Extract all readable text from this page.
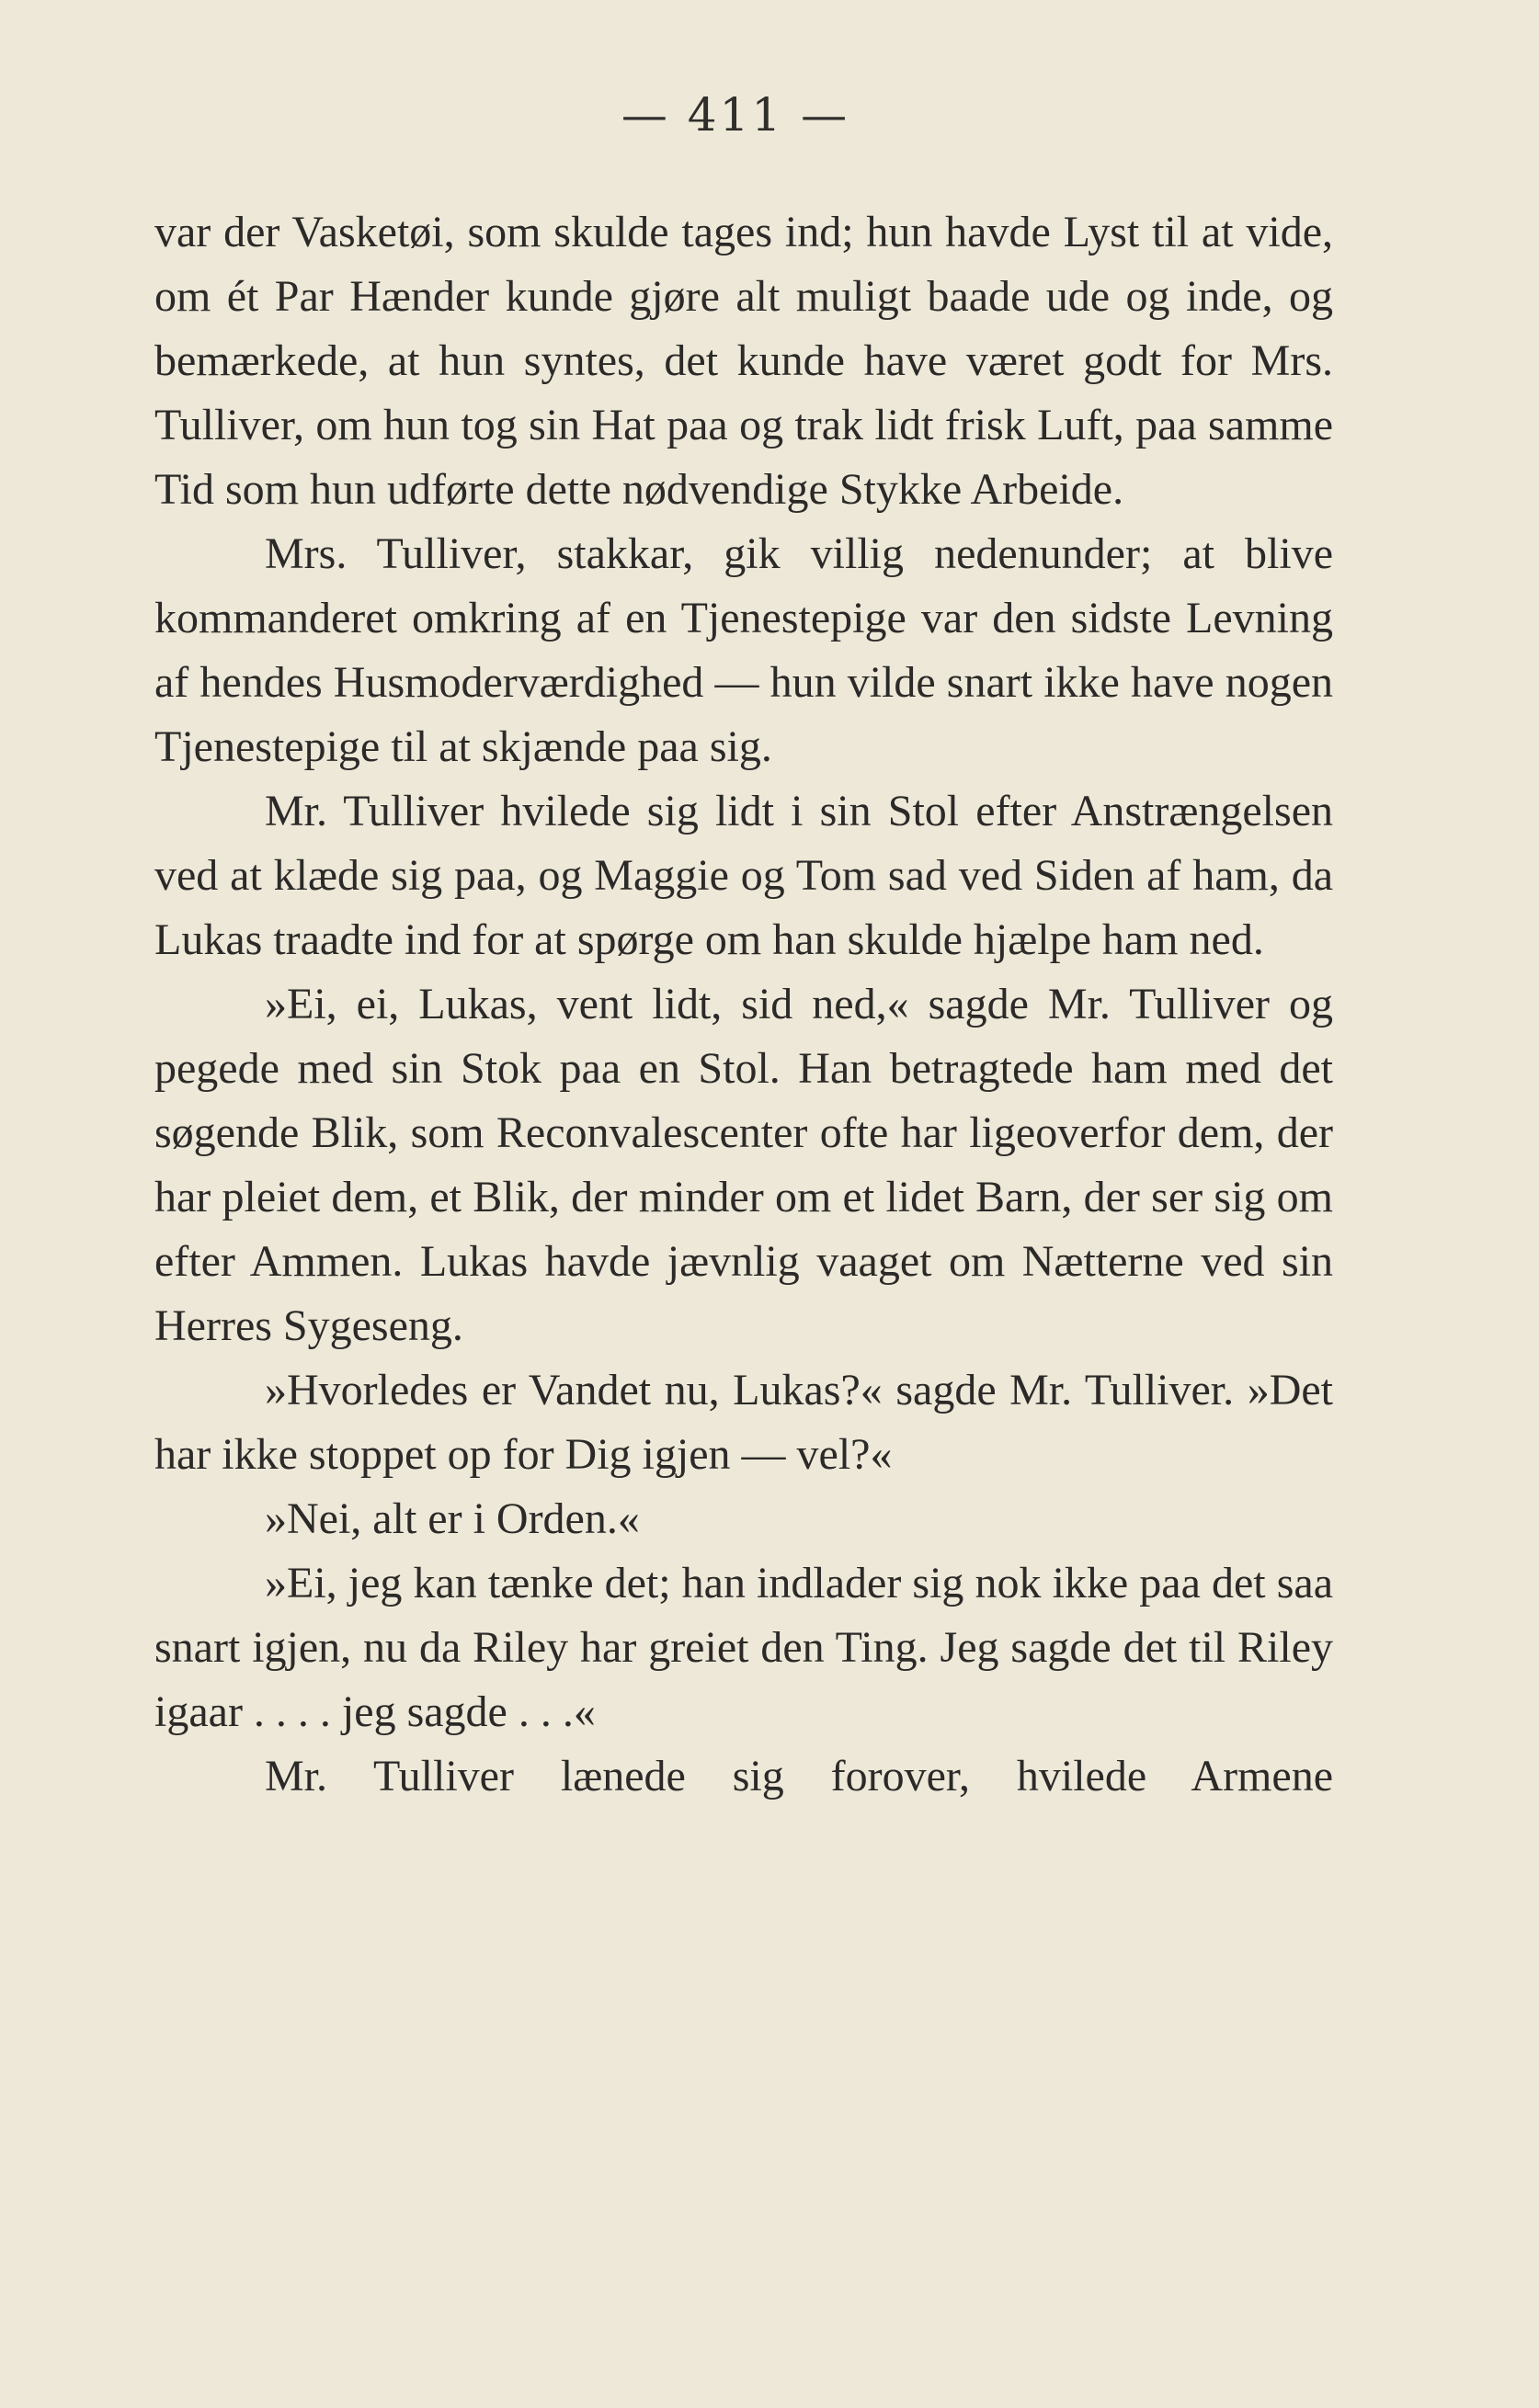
— 411 —

var der Vasketøi, som skulde tages ind; hun havde Lyst til at vide, om ét Par Hænder kunde gjøre alt muligt baade ude og inde, og bemærkede, at hun syntes, det kunde have været godt for Mrs. Tulliver, om hun tog sin Hat paa og trak lidt frisk Luft, paa samme Tid som hun udførte dette nødvendige Stykke Arbeide.

Mrs. Tulliver, stakkar, gik villig nedenunder; at blive kommanderet omkring af en Tjenestepige var den sidste Levning af hendes Husmoderværdighed — hun vilde snart ikke have nogen Tjenestepige til at skjænde paa sig.

Mr. Tulliver hvilede sig lidt i sin Stol efter Anstrængelsen ved at klæde sig paa, og Maggie og Tom sad ved Siden af ham, da Lukas traadte ind for at spørge om han skulde hjælpe ham ned.

»Ei, ei, Lukas, vent lidt, sid ned,« sagde Mr. Tulliver og pegede med sin Stok paa en Stol. Han betragtede ham med det søgende Blik, som Reconvalescenter ofte har ligeoverfor dem, der har pleiet dem, et Blik, der minder om et lidet Barn, der ser sig om efter Ammen. Lukas havde jævnlig vaaget om Nætterne ved sin Herres Sygeseng.

»Hvorledes er Vandet nu, Lukas?« sagde Mr. Tulliver. »Det har ikke stoppet op for Dig igjen — vel?«

»Nei, alt er i Orden.«

»Ei, jeg kan tænke det; han indlader sig nok ikke paa det saa snart igjen, nu da Riley har greiet den Ting. Jeg sagde det til Riley igaar . . . . jeg sagde . . .«

Mr. Tulliver lænede sig forover, hvilede Armene
